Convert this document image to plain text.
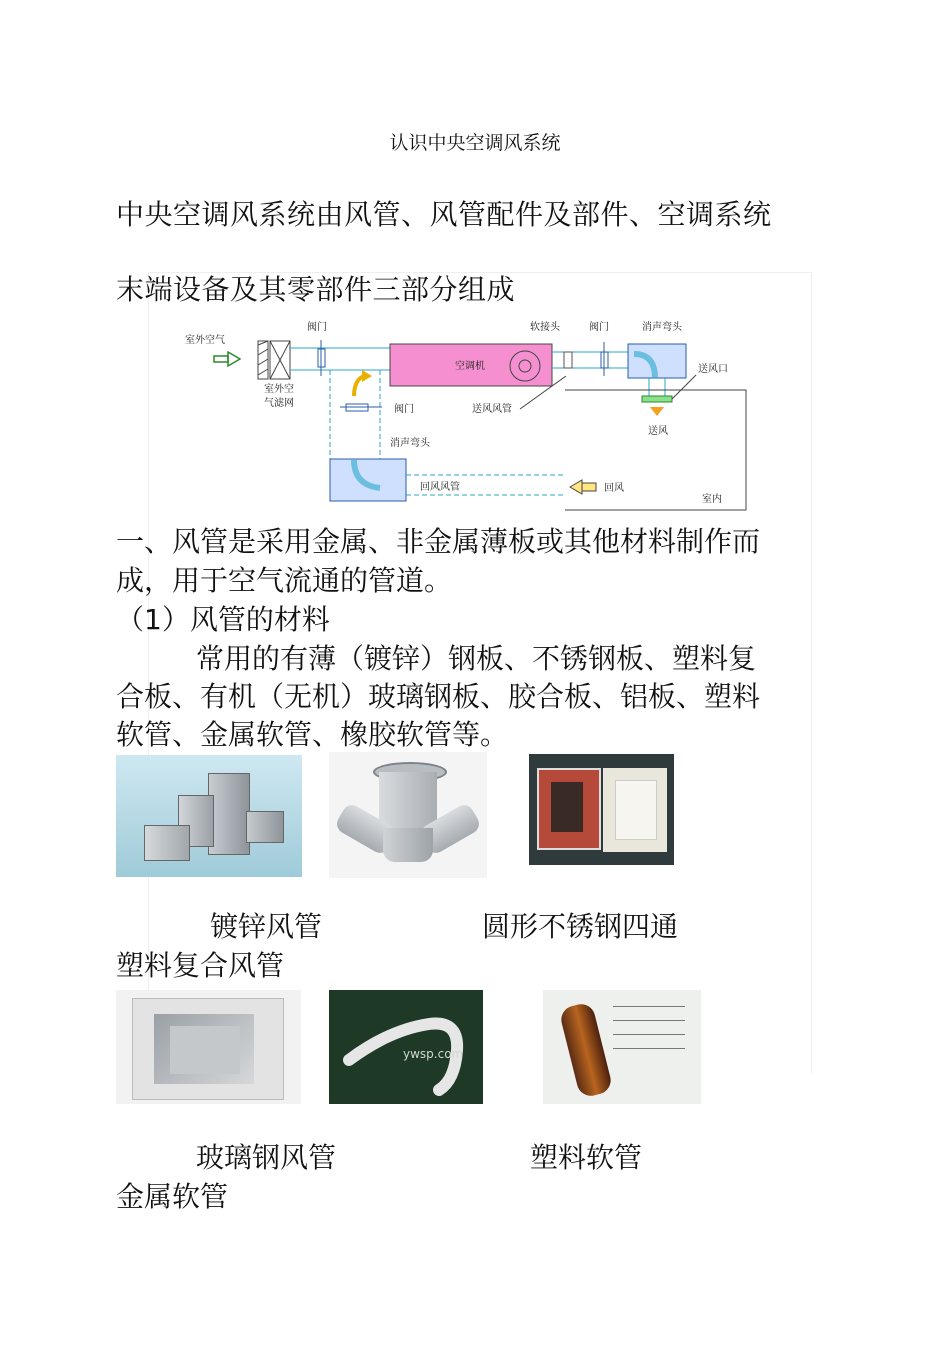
认识中央空调风系统
中央空调风系统由风管、风管配件及部件、空调系统
末端设备及其零部件三部分组成
室外空气
室外空
气滤网
阀门
空调机
软接头	阀门	消声弯头
送风口
送风
室内
送风风管
阀门
消声弯头
回风风管	回风
一、风管是采用金属、非金属薄板或其他材料制作而
成，用于空气流通的管道。
（1）风管的材料
常用的有薄（镀锌）钢板、不锈钢板、塑料复
合板、有机（无机）玻璃钢板、胶合板、铝板、塑料
软管、金属软管、橡胶软管等。
镀锌风管	圆形不锈钢四通
塑料复合风管
ywsp.com
玻璃钢风管	塑料软管
金属软管
